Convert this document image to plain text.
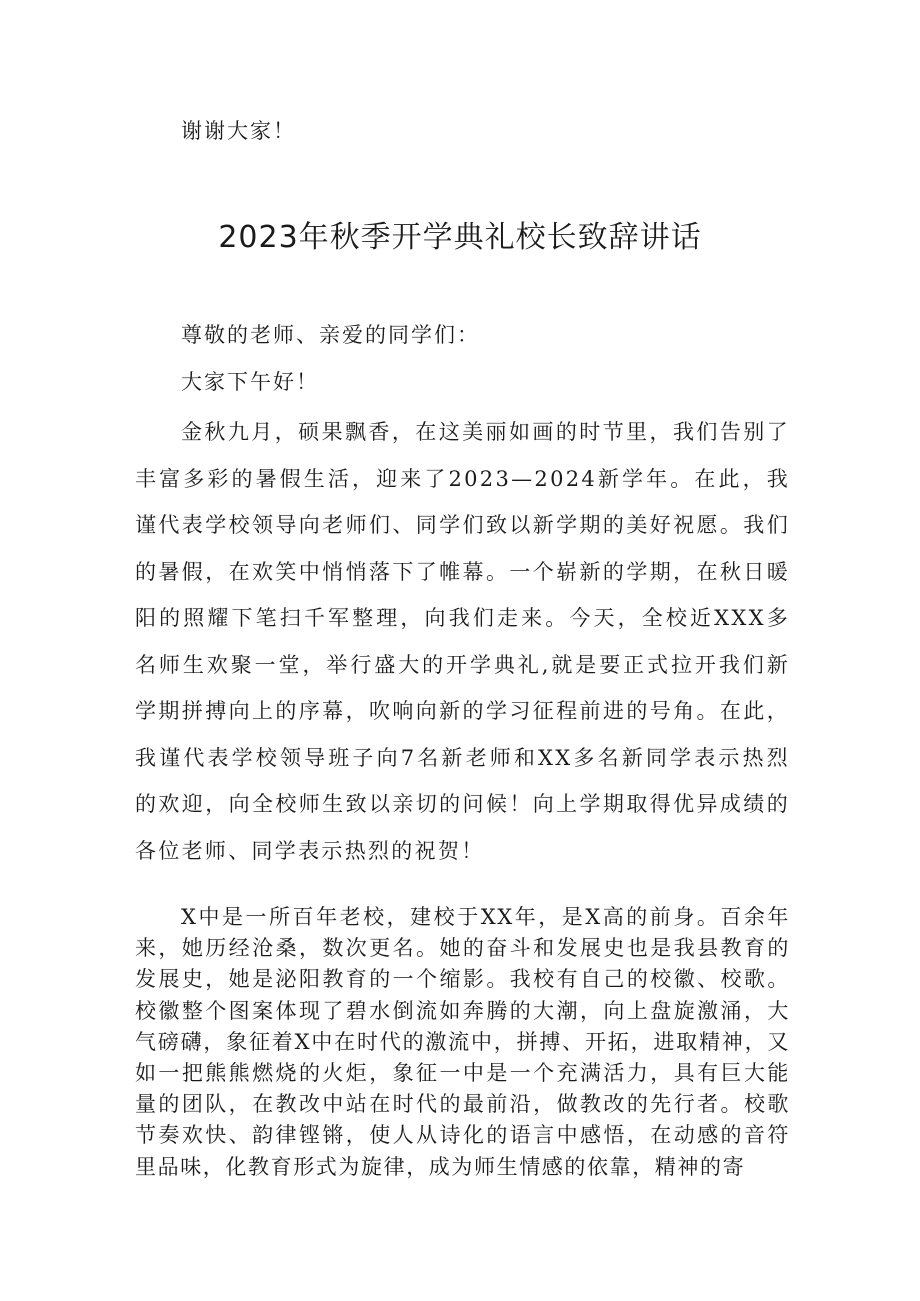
谢谢大家！

2023年秋季开学典礼校长致辞讲话

尊敬的老师、亲爱的同学们：

大家下午好！

金秋九月，硕果飘香，在这美丽如画的时节里，我们告别了丰富多彩的暑假生活，迎来了2023—2024新学年。在此，我谨代表学校领导向老师们、同学们致以新学期的美好祝愿。我们的暑假，在欢笑中悄悄落下了帷幕。一个崭新的学期，在秋日暖阳的照耀下笔扫千军整理，向我们走来。今天，全校近XXX多名师生欢聚一堂，举行盛大的开学典礼,就是要正式拉开我们新学期拼搏向上的序幕，吹响向新的学习征程前进的号角。在此，我谨代表学校领导班子向7名新老师和XX多名新同学表示热烈的欢迎，向全校师生致以亲切的问候！向上学期取得优异成绩的各位老师、同学表示热烈的祝贺！

X中是一所百年老校，建校于XX年，是X高的前身。百余年来，她历经沧桑，数次更名。她的奋斗和发展史也是我县教育的发展史，她是泌阳教育的一个缩影。我校有自己的校徽、校歌。校徽整个图案体现了碧水倒流如奔腾的大潮，向上盘旋激涌，大气磅礴，象征着X中在时代的激流中，拼搏、开拓，进取精神，又如一把熊熊燃烧的火炬，象征一中是一个充满活力，具有巨大能量的团队，在教改中站在时代的最前沿，做教改的先行者。校歌节奏欢快、韵律铿锵，使人从诗化的语言中感悟，在动感的音符里品味，化教育形式为旋律，成为师生情感的依靠，精神的寄
